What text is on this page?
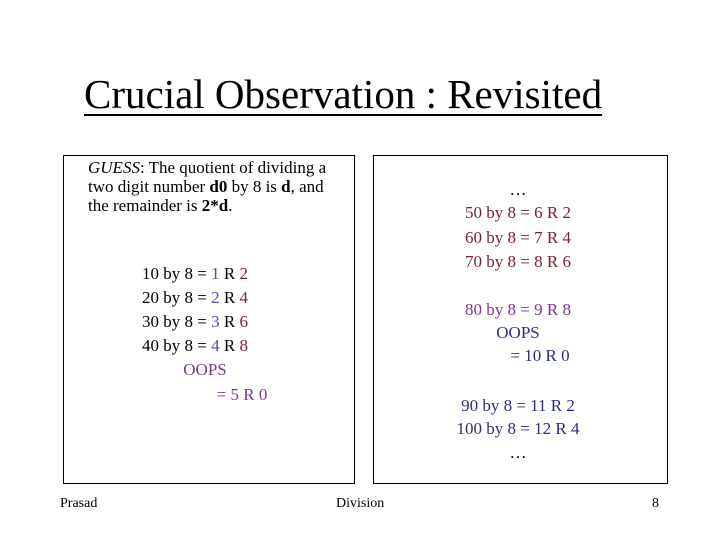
Crucial Observation : Revisited
GUESS: The quotient of dividing a two digit number d0 by 8 is d, and the remainder is 2*d.
10 by 8 = 1 R 2
20 by 8 = 2 R 4
30 by 8 = 3 R 6
40 by 8 = 4 R 8
OOPS
= 5 R 0
…
50 by 8 = 6 R 2
60 by 8 = 7 R 4
70 by 8 = 8 R 6
80 by 8 = 9 R 8
OOPS
= 10 R 0
90 by 8 = 11 R 2
100 by 8 = 12 R 4
…
Prasad	Division	8
